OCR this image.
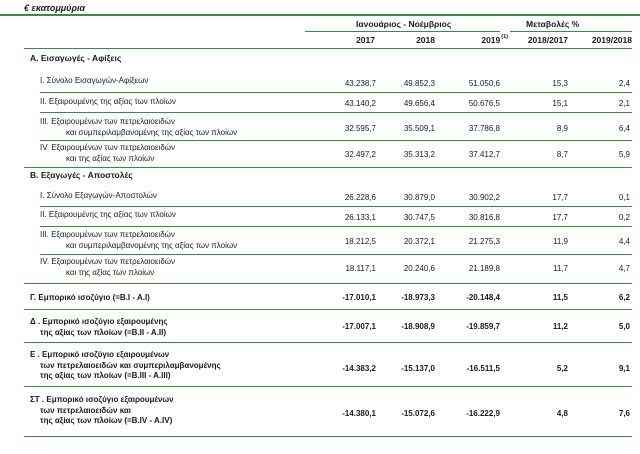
€ εκατομμύρια
Ιανουάριος - Νοέμβριος	Μεταβολές %
2017	2018	2019$^{(1)}$	2018/2017	2019/2018
Α. Εισαγωγές - Αφίξεις
Β. Εξαγωγές - Αποστολές
Ι. Σύνολο Εισαγωγών-Αφίξεων	43.238,7	49.852,3	51.050,6	15,3	2,4
ΙΙ. Εξαιρουμένης της αξίας των πλοίων	43.140,2	49.656,4	50.676,5	15,1	2,1
ΙΙΙ. Εξαιρουμένων των πετρελαιοειδών
και συμπεριλαμβανομένης της αξίας των πλοίων	32.595,7	35.509,1	37.786,8	8,9	6,4
IV. Εξαιρουμένων των πετρελαιοειδών
και της αξίας των πλοίων	32.497,2	35.313,2	37.412,7	8,7	5,9
Ι. Σύνολο Εξαγωγών-Αποστολών	26.228,6	30.879,0	30.902,2	17,7	0,1
ΙΙ. Εξαιρουμένης της αξίας των πλοίων	26.133,1	30.747,5	30.816,8	17,7	0,2
ΙΙΙ. Εξαιρουμένων των πετρελαιοειδών
και συμπεριλαμβανομένης της αξίας των πλοίων	18.212,5	20.372,1	21.275,3	11,9	4,4
IV. Εξαιρουμένων των πετρελαιοειδών
και της αξίας των πλοίων	18.117,1	20.240,6	21.189,8	11,7	4,7
Γ. Εμπορικό ισοζύγιο (=B.I - A.I)	-17.010,1	-18.973,3	-20.148,4	11,5	6,2
Δ . Εμπορικό ισοζύγιο εξαιρουμένης
της αξίας των πλοίων (=B.II - A.II)
-17.007,1	-18.908,9	-19.859,7	11,2	5,0
Ε . Εμπορικό ισοζύγιο εξαιρουμένων
των πετρελαιοειδών και συμπεριλαμβανομένης
της αξίας των πλοίων (=B.III - A.III)
-14.383,2	-15.137,0	-16.511,5	5,2	9,1
ΣΤ . Εμπορικό ισοζύγιο εξαιρουμένων
των πετρελαιοειδών και
της αξίας των πλοίων (=B.IV - A.IV)
-14.380,1	-15.072,6	-16.222,9	4,8	7,6
